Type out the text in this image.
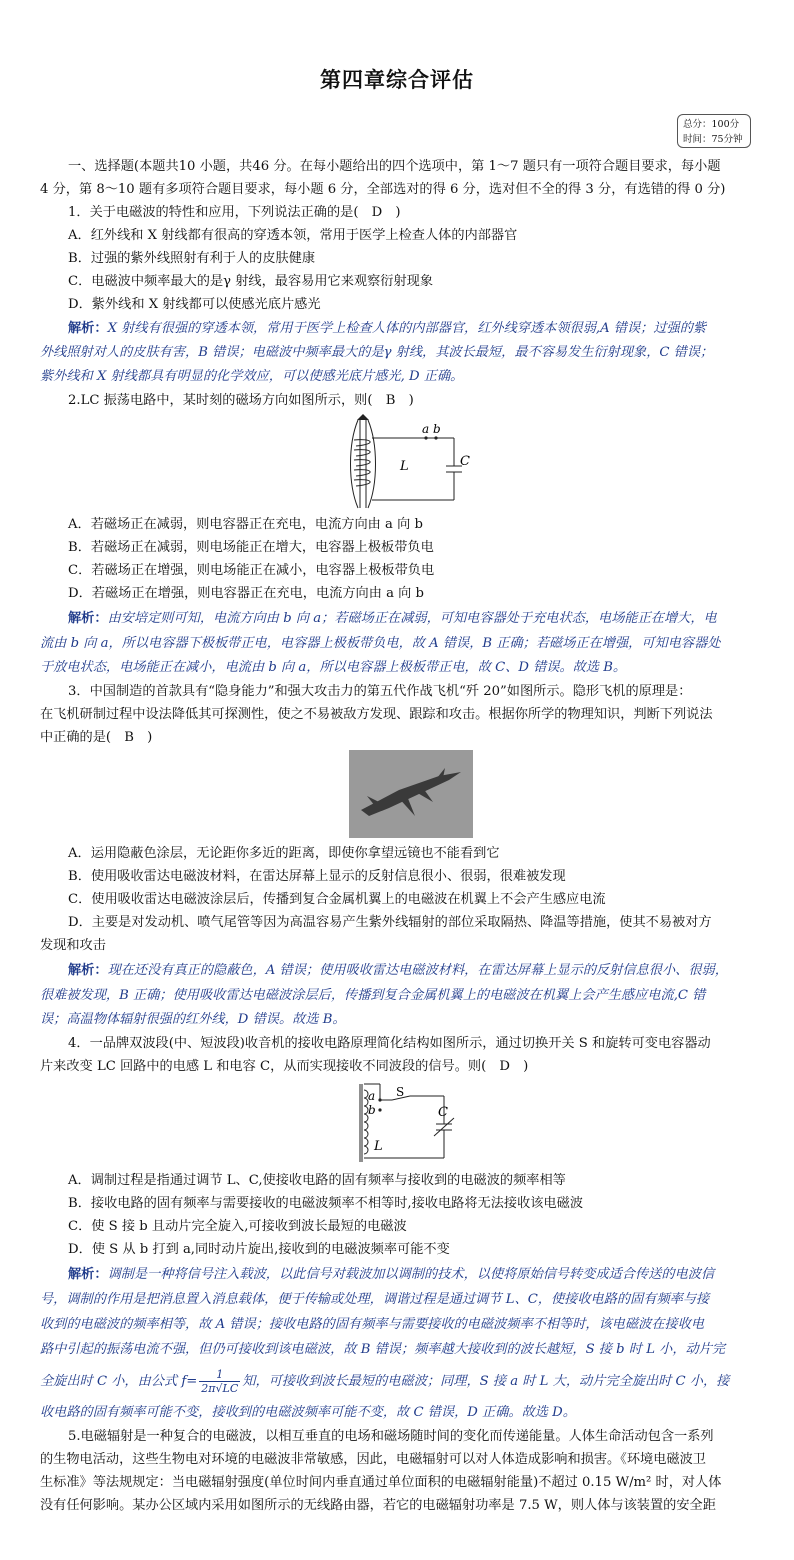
第四章综合评估
总分：100分
时间：75分钟
一、选择题(本题共10 小题，共46 分。在每小题给出的四个选项中，第 1～7 题只有一项符合题目要求，每小题
4 分，第 8～10 题有多项符合题目要求，每小题 6 分，全部选对的得 6 分，选对但不全的得 3 分，有选错的得 0 分)
1．关于电磁波的特性和应用，下列说法正确的是(　D　)
A．红外线和 X 射线都有很高的穿透本领，常用于医学上检查人体的内部器官
B．过强的紫外线照射有利于人的皮肤健康
C．电磁波中频率最大的是γ 射线，最容易用它来观察衍射现象
D．紫外线和 X 射线都可以使感光底片感光
解析：X 射线有很强的穿透本领，常用于医学上检查人体的内部器官，红外线穿透本领很弱,A 错误；过强的紫
外线照射对人的皮肤有害，B 错误；电磁波中频率最大的是γ 射线，其波长最短，最不容易发生衍射现象，C 错误；
紫外线和 X 射线都具有明显的化学效应，可以使感光底片感光, D 正确。
2.LC 振荡电路中，某时刻的磁场方向如图所示，则(　B　)
a b
L	C
A．若磁场正在减弱，则电容器正在充电，电流方向由 a 向 b
B．若磁场正在减弱，则电场能正在增大，电容器上极板带负电
C．若磁场正在增强，则电场能正在减小，电容器上极板带负电
D．若磁场正在增强，则电容器正在充电，电流方向由 a 向 b
解析：由安培定则可知，电流方向由 b 向 a；若磁场正在减弱，可知电容器处于充电状态，电场能正在增大，电
流由 b 向 a，所以电容器下极板带正电，电容器上极板带负电，故 A 错误，B 正确；若磁场正在增强，可知电容器处
于放电状态，电场能正在减小，电流由 b 向 a，所以电容器上极板带正电，故 C、D 错误。故选 B。
3．中国制造的首款具有“隐身能力”和强大攻击力的第五代作战飞机“歼 20”如图所示。隐形飞机的原理是：
在飞机研制过程中设法降低其可探测性，使之不易被敌方发现、跟踪和攻击。根据你所学的物理知识，判断下列说法
中正确的是(　B　)
A．运用隐蔽色涂层，无论距你多近的距离，即使你拿望远镜也不能看到它
B．使用吸收雷达电磁波材料，在雷达屏幕上显示的反射信息很小、很弱，很难被发现
C．使用吸收雷达电磁波涂层后，传播到复合金属机翼上的电磁波在机翼上不会产生感应电流
D．主要是对发动机、喷气尾管等因为高温容易产生紫外线辐射的部位采取隔热、降温等措施，使其不易被对方
发现和攻击
解析：现在还没有真正的隐蔽色，A 错误；使用吸收雷达电磁波材料，在雷达屏幕上显示的反射信息很小、很弱，
很难被发现，B 正确；使用吸收雷达电磁波涂层后，传播到复合金属机翼上的电磁波在机翼上会产生感应电流,C 错
误；高温物体辐射很强的红外线，D 错误。故选 B。
4．一品牌双波段(中、短波段)收音机的接收电路原理简化结构如图所示，通过切换开关 S 和旋转可变电容器动
片来改变 LC 回路中的电感 L 和电容 C，从而实现接收不同波段的信号。则(　D　)
a
b
S
L
C
A．调制过程是指通过调节 L、C,使接收电路的固有频率与接收到的电磁波的频率相等
B．接收电路的固有频率与需要接收的电磁波频率不相等时,接收电路将无法接收该电磁波
C．使 S 接 b 且动片完全旋入,可接收到波长最短的电磁波
D．使 S 从 b 打到 a,同时动片旋出,接收到的电磁波频率可能不变
解析：调制是一种将信号注入载波，以此信号对载波加以调制的技术，以使将原始信号转变成适合传送的电波信
号，调制的作用是把消息置入消息载体，便于传输或处理，调谐过程是通过调节 L、C，使接收电路的固有频率与接
收到的电磁波的频率相等，故 A 错误；接收电路的固有频率与需要接收的电磁波频率不相等时，该电磁波在接收电
路中引起的振荡电流不强，但仍可接收到该电磁波，故 B 错误；频率越大接收到的波长越短，S 接 b 时 L 小，动片完
全旋出时 C 小，由公式 $f= \frac{1}{2\pi√LC}$ 知，可接收到波长最短的电磁波；同理，S 接 a 时 L 大，动片完全旋出时 C 小，接
收电路的固有频率可能不变，接收到的电磁波频率可能不变，故 C 错误，D 正确。故选 D。
5.电磁辐射是一种复合的电磁波，以相互垂直的电场和磁场随时间的变化而传递能量。人体生命活动包含一系列
的生物电活动，这些生物电对环境的电磁波非常敏感，因此，电磁辐射可以对人体造成影响和损害。《环境电磁波卫
生标准》等法规规定：当电磁辐射强度(单位时间内垂直通过单位面积的电磁辐射能量)不超过 0.15 W/m² 时，对人体
没有任何影响。某办公区域内采用如图所示的无线路由器，若它的电磁辐射功率是 7.5 W，则人体与该装置的安全距
